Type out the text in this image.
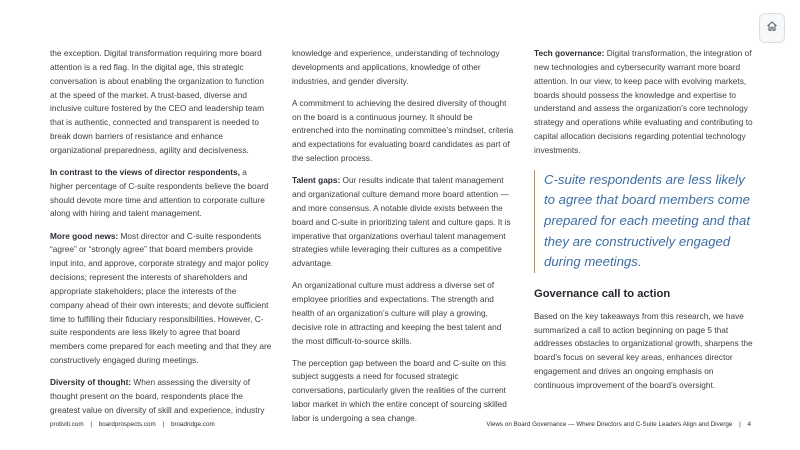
the exception. Digital transformation requiring more board attention is a red flag. In the digital age, this strategic conversation is about enabling the organization to function at the speed of the market. A trust-based, diverse and inclusive culture fostered by the CEO and leadership team that is authentic, connected and transparent is needed to break down barriers of resistance and enhance organizational preparedness, agility and decisiveness.

In contrast to the views of director respondents, a higher percentage of C-suite respondents believe the board should devote more time and attention to corporate culture along with hiring and talent management.

More good news: Most director and C-suite respondents “agree” or “strongly agree” that board members provide input into, and approve, corporate strategy and major policy decisions; represent the interests of shareholders and appropriate stakeholders; place the interests of the company ahead of their own interests; and devote sufficient time to fulfilling their fiduciary responsibilities. However, C-suite respondents are less likely to agree that board members come prepared for each meeting and that they are constructively engaged during meetings.

Diversity of thought: When assessing the diversity of thought present on the board, respondents place the greatest value on diversity of skill and experience, industry

knowledge and experience, understanding of technology developments and applications, knowledge of other industries, and gender diversity.

A commitment to achieving the desired diversity of thought on the board is a continuous journey. It should be entrenched into the nominating committee’s mindset, criteria and expectations for evaluating board candidates as part of the selection process.

Talent gaps: Our results indicate that talent management and organizational culture demand more board attention — and more consensus. A notable divide exists between the board and C-suite in prioritizing talent and culture gaps. It is imperative that organizations overhaul talent management strategies while leveraging their cultures as a competitive advantage.

An organizational culture must address a diverse set of employee priorities and expectations. The strength and health of an organization’s culture will play a growing, decisive role in attracting and keeping the best talent and the most difficult-to-source skills.

The perception gap between the board and C-suite on this subject suggests a need for focused strategic conversations, particularly given the realities of the current labor market in which the entire concept of sourcing skilled labor is undergoing a sea change.

Tech governance: Digital transformation, the integration of new technologies and cybersecurity warrant more board attention. In our view, to keep pace with evolving markets, boards should possess the knowledge and expertise to understand and assess the organization’s core technology strategy and operations while evaluating and contributing to capital allocation decisions regarding potential technology investments.

C-suite respondents are less likely to agree that board members come prepared for each meeting and that they are constructively engaged during meetings.
Governance call to action

Based on the key takeaways from this research, we have summarized a call to action beginning on page 5 that addresses obstacles to organizational growth, sharpens the board’s focus on several key areas, enhances director engagement and drives an ongoing emphasis on continuous improvement of the board’s oversight.

protiviti.com | boardprospects.com | broadridge.com	Views on Board Governance — Where Directors and C-Suite Leaders Align and Diverge | 4
